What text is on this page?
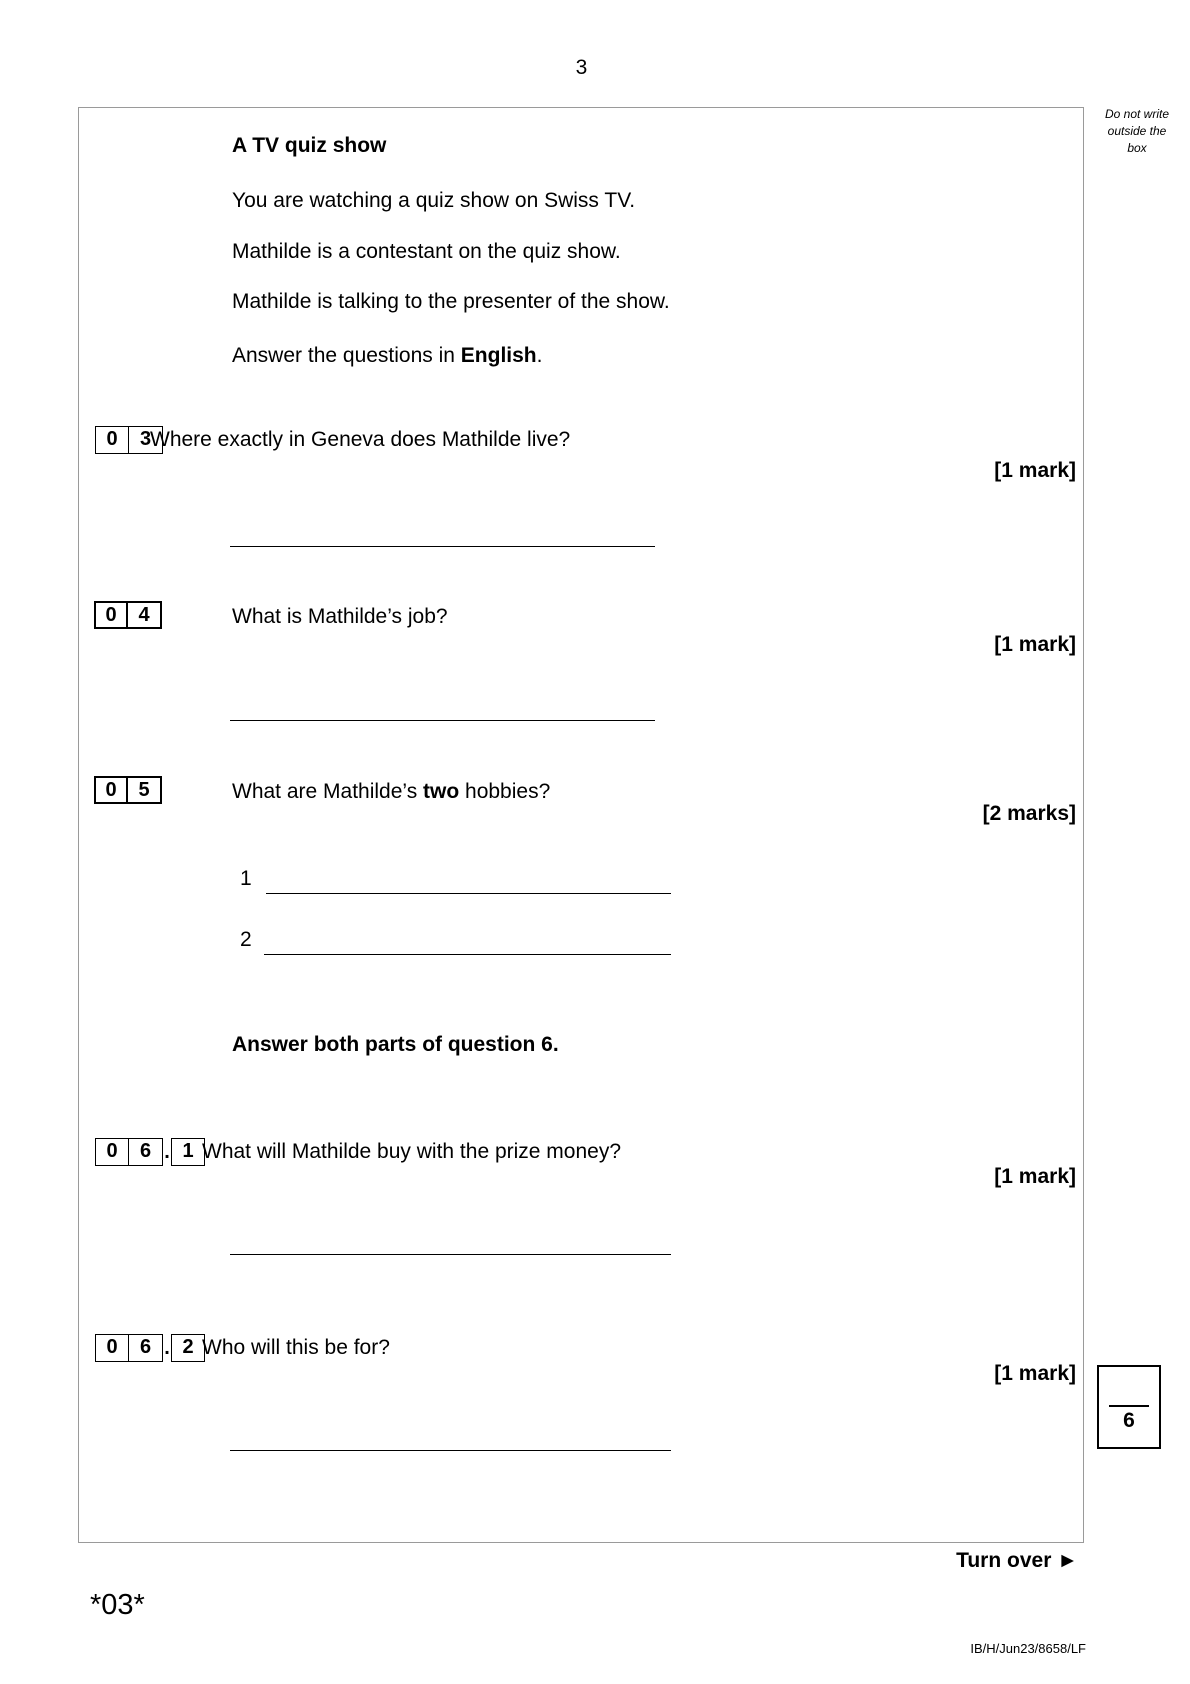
3
Do not write
outside the
box
A TV quiz show
You are watching a quiz show on Swiss TV.
Mathilde is a contestant on the quiz show.
Mathilde is talking to the presenter of the show.
Answer the questions in English.
0	3
Where exactly in Geneva does Mathilde live?
[1 mark]
0	4	What is Mathilde’s job?
[1 mark]
0	5	What are Mathilde’s two hobbies?
[2 marks]
1
2
Answer both parts of question 6.
0	6 . 1 What will Mathilde buy with the prize money?
[1 mark]
0	6 . 2 Who will this be for?
[1 mark]
6
Turn over ►
*03*
IB/H/Jun23/8658/LF
